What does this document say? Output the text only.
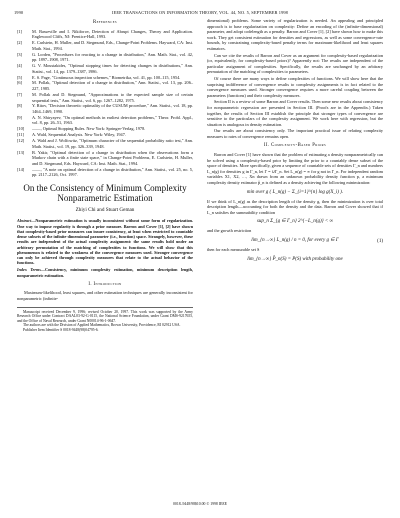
1990	IEEE TRANSACTIONS ON INFORMATION THEORY, VOL. 44, NO. 5, SEPTEMBER 1998
References
[1]	M. Basseville and I. Nikiforov, Detection of Abrupt Changes, Theory and Application. Englewood Cliffs, NJ: Prentice-Hall, 1993.
[2]	E. Carlstein, H. Muller, and D. Siegmund, Eds., Change-Point Problems. Hayward, CA: Inst. Math. Stat., 1994.
[3]	G. Lorden, "Procedures for reacting to a change in distribution," Ann. Math. Stat., vol. 42, pp. 1897–1908, 1971.
[4]	G. V. Moustakides, "Optimal stopping times for detecting changes in distributions," Ann. Statist., vol. 14, pp. 1379–1387, 1986.
[5]	E. S. Page, "Continuous inspection schemes," Biometrika, vol. 41, pp. 100–115, 1954.
[6]	M. Pollak, "Optimal detection of a change in distribution," Ann. Statist., vol. 13, pp. 206–227, 1985.
[7]	M. Pollak and D. Siegmund, "Approximations to the expected sample size of certain sequential tests," Ann. Statist., vol. 6, pp. 1267–1282, 1975.
[8]	Y. Ritov, "Decision theoretic optimality of the CUSUM procedure," Ann. Statist., vol. 18, pp. 1464–1469, 1990.
[9]	A. N. Shiryayev, "On optimal methods in earliest detection problems," Theor. Probl. Appl., vol. 8, pp. 26–51, 1963.
[10]	——, Optimal Stopping Rules. New York: Springer-Verlag, 1978.
[11]	A. Wald, Sequential Analysis. New York: Wiley, 1947.
[12]	A. Wald and J. Wolfowitz, "Optimum character of the sequential probability ratio test," Ann. Math. Statist., vol. 19, pp. 326–339, 1948.
[13]	B. Yakir, "Optimal detection of a change in distribution when the observations form a Markov chain with a finite state space," in Change-Point Problems, E. Carlstein, H. Muller, and D. Siegmund, Eds. Hayward, CA: Inst. Math. Stat., 1994.
[14]	——, "A note on optimal detection of a change in distribution," Ann. Statist., vol. 25, no. 5, pp. 2117–2126, Oct. 1997.
On the Consistency of Minimum Complexity Nonparametric Estimation
Zhiyi Chi and Stuart Geman
Abstract—Nonparametric estimation is usually inconsistent without some form of regularization. One way to impose regularity is through a prior measure. Barron and Cover [1], [2] have shown that complexity-based prior measures can insure consistency, at least when restricted to countable dense subsets of the infinite-dimensional parameter (i.e., function) space. Strangely, however, these results are independent of the actual complexity assignment: the same results hold under an arbitrary permutation of the matching of complexities to functions. We will show that this phenomenon is related to the weakness of the convergence measures used. Stronger convergence can only be achieved through complexity measures that relate to the actual behavior of the functions.
Index Terms—Consistency, minimum complexity estimation, minimum description length, nonparametric estimation.
I. Introduction

Maximum-likelihood, least squares, and other estimation techniques are generally inconsistent for nonparametric (infinite-

Manuscript received December 9, 1996; revised October 20, 1997. This work was supported by the Army Research Office under Contract DAAL03-92-G-0115, the National Science Foundation, under Grant DMS-9217655, and the Office of Naval Research, under Grant N00014-96-1-0647.

The authors are with the Division of Applied Mathematics, Brown University, Providence, RI 02912 USA.

Publisher Item Identifier S 0018-9448(98)04795-6.

dimensional) problems. Some variety of regularization is needed. An appealing and principled approach is to base regularization on complexity: Define an encoding of the (infinite-dimensional) parameter, and adopt codelength as a penalty. Barron and Cover [1], [2] have shown how to make this work. They get consistent estimation for densities and regressions, as well as some convergence-rate bounds, by constraining complexity-based penalty terms for maximum-likelihood and least squares estimators.

Can we cite the results of Barron and Cover as an argument for complexity-based regularization (or, equivalently, for complexity-based priors)? Apparently not: The results are independent of the particular assignment of complexities. Specifically, the results are unchanged by an arbitrary permutation of the matching of complexities to parameters.

Of course there are many ways to define complexities of functions. We will show here that the surprising indifference of convergence results to complexity assignments is in fact related to the convergence measures used. Stronger convergence requires a more careful coupling between the parameters (functions) and their complexity measures.

Section II is a review of some Barron and Cover results. Then some new results about consistency for nonparametric regression are presented in Section III. (Proofs are in the Appendix.) Taken together, the results of Section III establish the principle that stronger types of convergence are sensitive to the particulars of the complexity assignment. We work here with regression, but the situation is analogous in density estimation.

Our results are about consistency only. The important practical issue of relating complexity measures to rates of convergence remains open.

II. Complexity-Based Priors

Barron and Cover [1] have shown that the problem of estimating a density nonparametrically can be solved using a complexity-based prior by limiting the prior to a countably dense subset of the space of densities. More specifically, given a sequence of countable sets of densities Γ_n and numbers L_n(g) for densities g in Γ_n, let Γ = ∪Γ_n. Set L_n(g) = ∞ for g not in Γ_n. For independent random variables X1, X2, …, Xn drawn from an unknown probability density function p, a minimum complexity density estimator p̂_n is defined as a density achieving the following minimization:

min over g ( L_n(g) − Σ_{i=1}^{n} log g(X_i) ).

If we think of L_n(g) as the description length of the density g, then the minimization is over total description length—accounting for both the density and the data. Barron and Cover showed that if L_n satisfies the summability condition

sup_n Σ_{g ∈ Γ_n} 2^{−L_n(g)} < ∞

and the growth restriction

lim_{n→∞} L_n(g) / n = 0, for every g ∈ Γ	(1)

then for each measurable set S

lim_{n→∞} P̂_n(S) = P(S) with probability one
0018–9448/98$10.00 © 1998 IEEE
